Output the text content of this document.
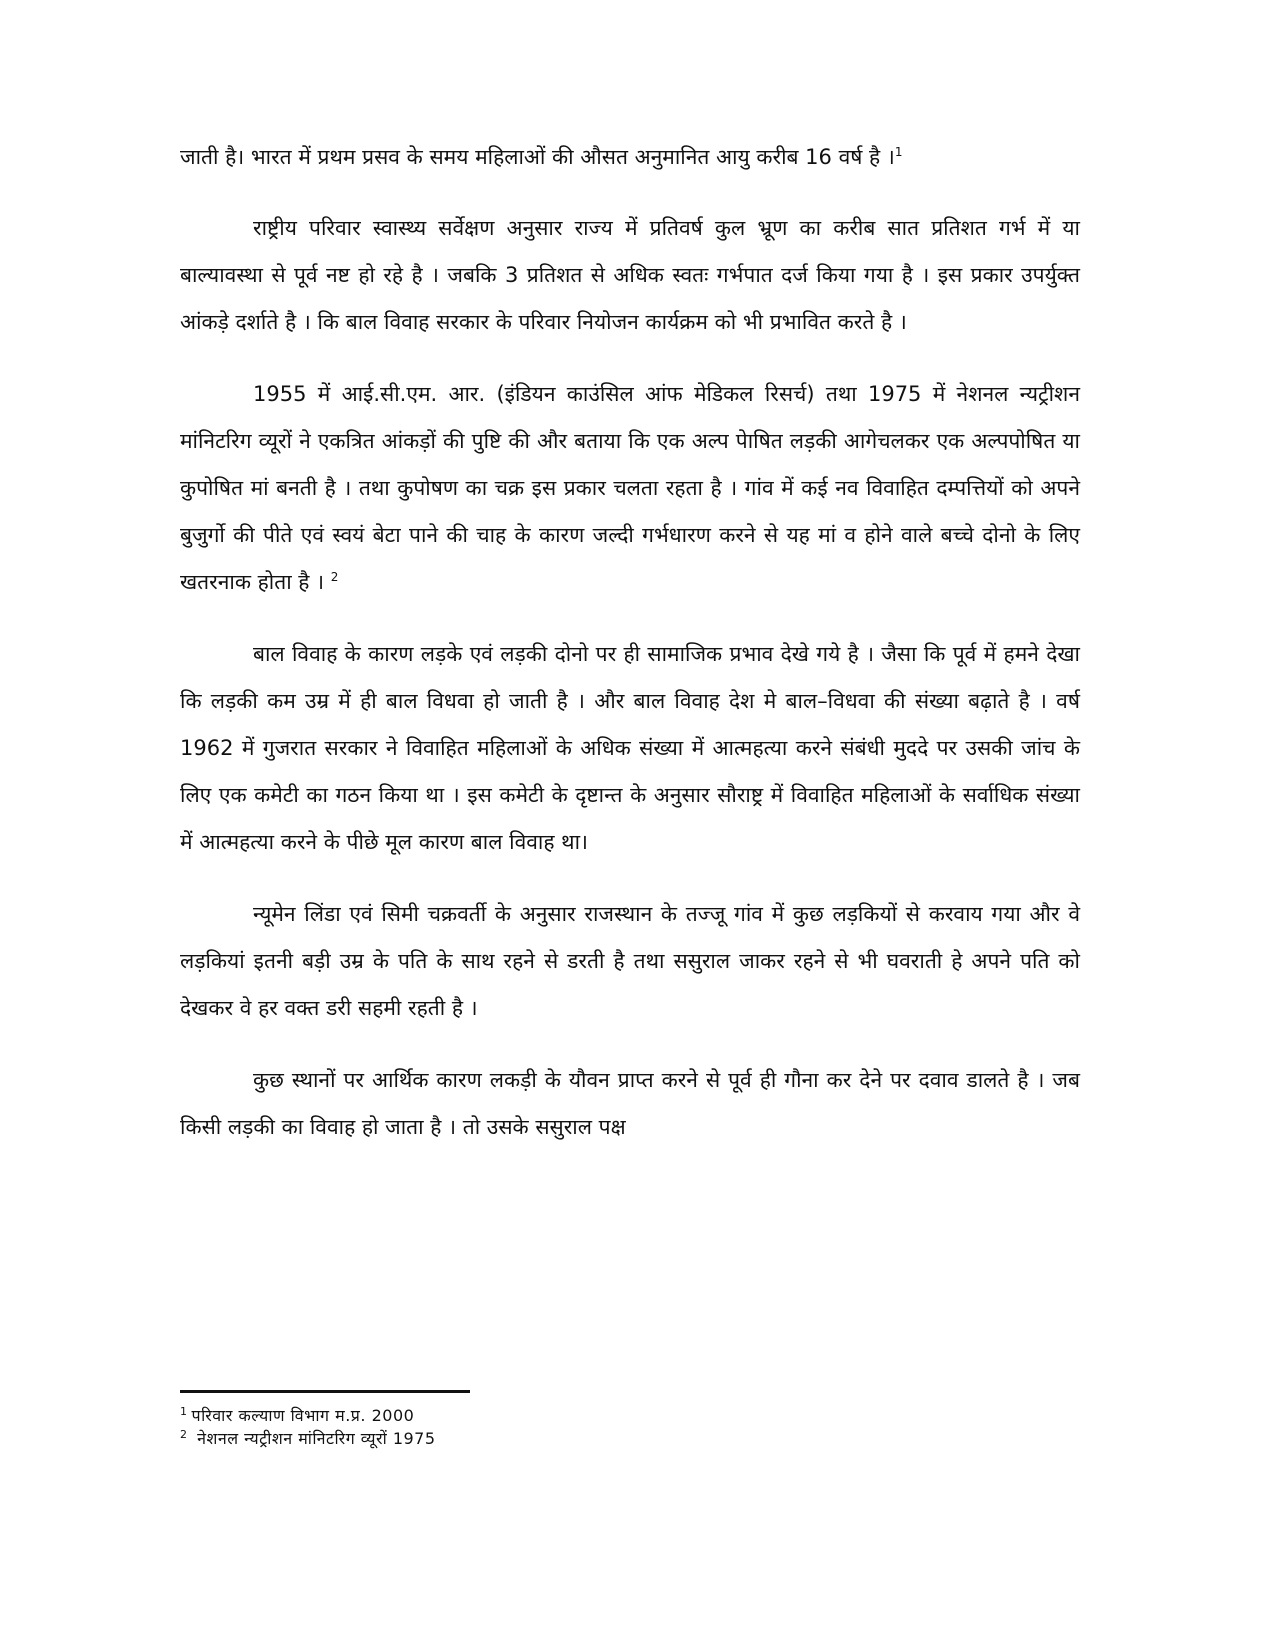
जाती है। भारत में प्रथम प्रसव के समय महिलाओं की औसत अनुमानित आयु करीब 16 वर्ष है ।$^1$

राष्ट्रीय परिवार स्वास्थ्य सर्वेक्षण अनुसार राज्य में प्रतिवर्ष कुल भ्रूण का करीब सात प्रतिशत गर्भ में या बाल्यावस्था से पूर्व नष्ट हो रहे है । जबकि 3 प्रतिशत से अधिक स्वतः गर्भपात दर्ज किया गया है । इस प्रकार उपर्युक्त आंकड़े दर्शाते है । कि बाल विवाह सरकार के परिवार नियोजन कार्यक्रम को भी प्रभावित करते है ।

1955 में आई.सी.एम. आर. (इंडियन काउंसिल आंफ मेडिकल रिसर्च) तथा 1975 में नेशनल न्यट्रीशन मांनिटरिग व्यूरों ने एकत्रित आंकड़ों की पुष्टि की और बताया कि एक अल्प पेाषित लड़की आगेचलकर एक अल्पपोषित या कुपोषित मां बनती है । तथा कुपोषण का चक्र इस प्रकार चलता रहता है । गांव में कई नव विवाहित दम्पत्तियों को अपने बुजुर्गो की पीते एवं स्वयं बेटा पाने की चाह के कारण जल्दी गर्भधारण करने से यह मां व होने वाले बच्चे दोनो के लिए खतरनाक होता है । $^2$

बाल विवाह के कारण लड़के एवं लड़की दोनो पर ही सामाजिक प्रभाव देखे गये है । जैसा कि पूर्व में हमने देखा कि लड़की कम उम्र में ही बाल विधवा हो जाती है । और बाल विवाह देश मे बाल–विधवा की संख्या बढ़ाते है । वर्ष 1962 में गुजरात सरकार ने विवाहित महिलाओं के अधिक संख्या में आत्महत्या करने संबंधी मुददे पर उसकी जांच के लिए एक कमेटी का गठन किया था । इस कमेटी के दृष्टान्त के अनुसार सौराष्ट्र में विवाहित महिलाओं के सर्वाधिक संख्या में आत्महत्या करने के पीछे मूल कारण बाल विवाह था।

न्यूमेन लिंडा एवं सिमी चक्रवर्ती के अनुसार राजस्थान के तज्जू गांव में कुछ लड़कियों से करवाय गया और वे लड़कियां इतनी बड़ी उम्र के पति के साथ रहने से डरती है तथा ससुराल जाकर रहने से भी घवराती हे अपने पति को देखकर वे हर वक्त डरी सहमी रहती है ।

कुछ स्थानों पर आर्थिक कारण लकड़ी के यौवन प्राप्त करने से पूर्व ही गौना कर देने पर दवाव डालते है । जब किसी लड़की का विवाह हो जाता है । तो उसके ससुराल पक्ष

$^1$ परिवार कल्याण विभाग म.प्र. 2000

$^2$ नेशनल न्यट्रीशन मांनिटरिग व्यूरों 1975
